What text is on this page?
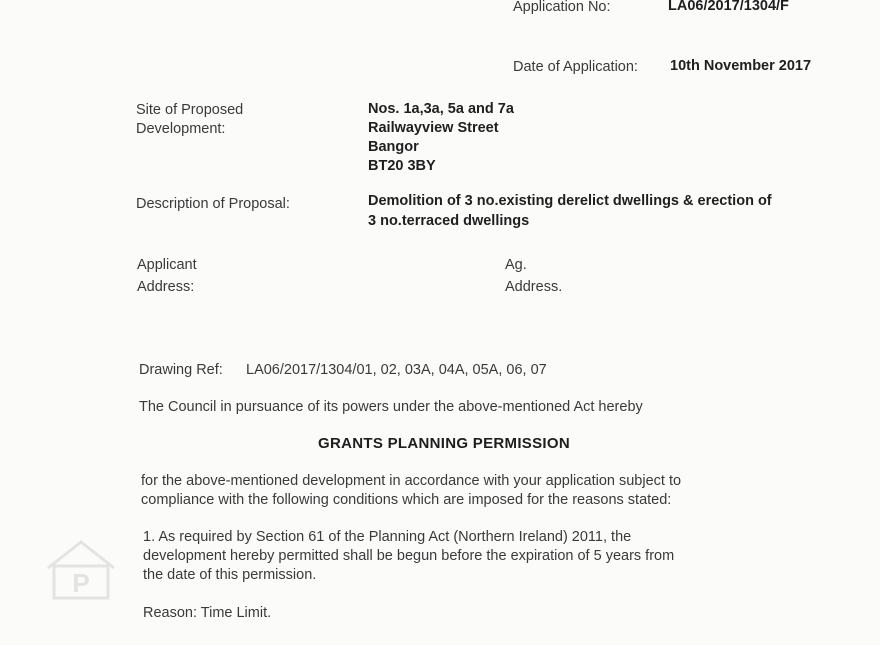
Application No:	LA06/2017/1304/F
Date of Application: 10th November 2017
Site of Proposed
Development:
Nos. 1a,3a, 5a and 7a
Railwayview Street
Bangor
BT20 3BY
Description of Proposal:	Demolition of 3 no.existing derelict dwellings & erection of
3 no.terraced dwellings
Applicant
Address:
Ag.
Address.
Drawing Ref: LA06/2017/1304/01, 02, 03A, 04A, 05A, 06, 07
The Council in pursuance of its powers under the above-mentioned Act hereby
GRANTS PLANNING PERMISSION
for the above-mentioned development in accordance with your application subject to
compliance with the following conditions which are imposed for the reasons stated:
1. As required by Section 61 of the Planning Act (Northern Ireland) 2011, the
development hereby permitted shall be begun before the expiration of 5 years from
the date of this permission.
Reason: Time Limit.
P
